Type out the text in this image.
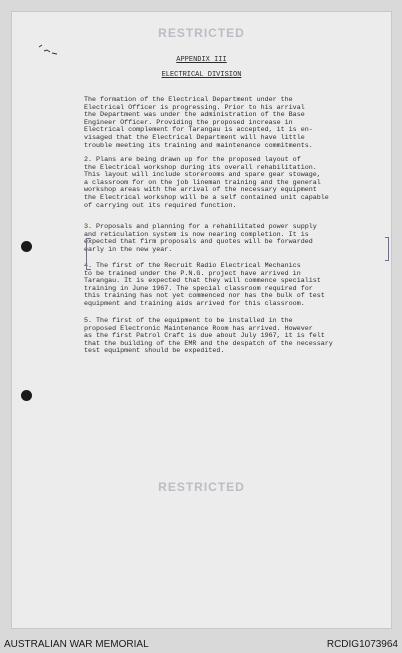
RESTRICTED
APPENDIX III
ELECTRICAL DIVISION
The formation of the Electrical Department under the
Electrical Officer is progressing. Prior to his arrival
the Department was under the administration of the Base
Engineer Officer. Providing the proposed increase in
Electrical complement for Tarangau is accepted, it is en-
visaged that the Electrical Department will have little
trouble meeting its training and maintenance commitments.
2. Plans are being drawn up for the proposed layout of
the Electrical workshop during its overall rehabilitation.
This layout will include storerooms and spare gear stowage,
a classroom for on the job lineman training and the general
workshop areas with the arrival of the necessary equipment
the Electrical workshop will be a self contained unit capable
of carrying out its required function.
3. Proposals and planning for a rehabilitated power supply
and reticulation system is now nearing completion. It is
expected that firm proposals and quotes will be forwarded
early in the new year.
4. The first of the Recruit Radio Electrical Mechanics
to be trained under the P.N.G. project have arrived in
Tarangau. It is expected that they will commence specialist
training in June 1967. The special classroom required for
this training has not yet commenced nor has the bulk of test
equipment and training aids arrived for this classroom.
5. The first of the equipment to be installed in the
proposed Electronic Maintenance Room has arrived. However
as the first Patrol Craft is due about July 1967, it is felt
that the building of the EMR and the despatch of the necessary
test equipment should be expedited.
RESTRICTED
AUSTRALIAN WAR MEMORIAL	RCDIG1073964
